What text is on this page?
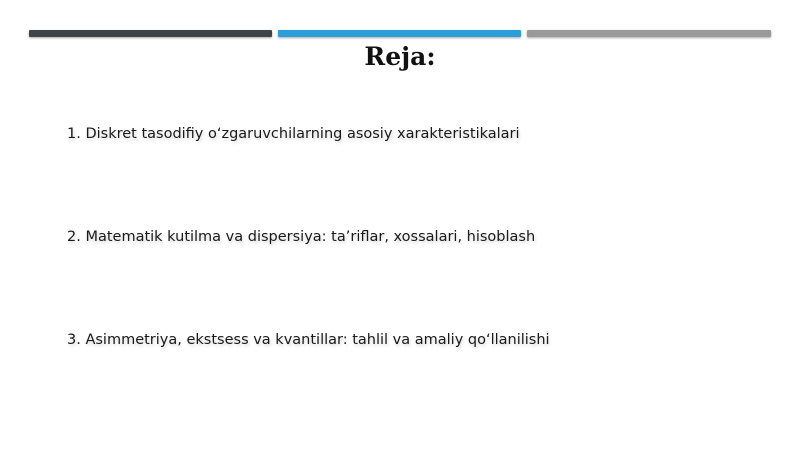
Reja:
1. Diskret tasodifiy o‘zgaruvchilarning asosiy xarakteristikalari
2. Matematik kutilma va dispersiya: ta’riflar, xossalari, hisoblash
3. Asimmetriya, ekstsess va kvantillar: tahlil va amaliy qo‘llanilishi
